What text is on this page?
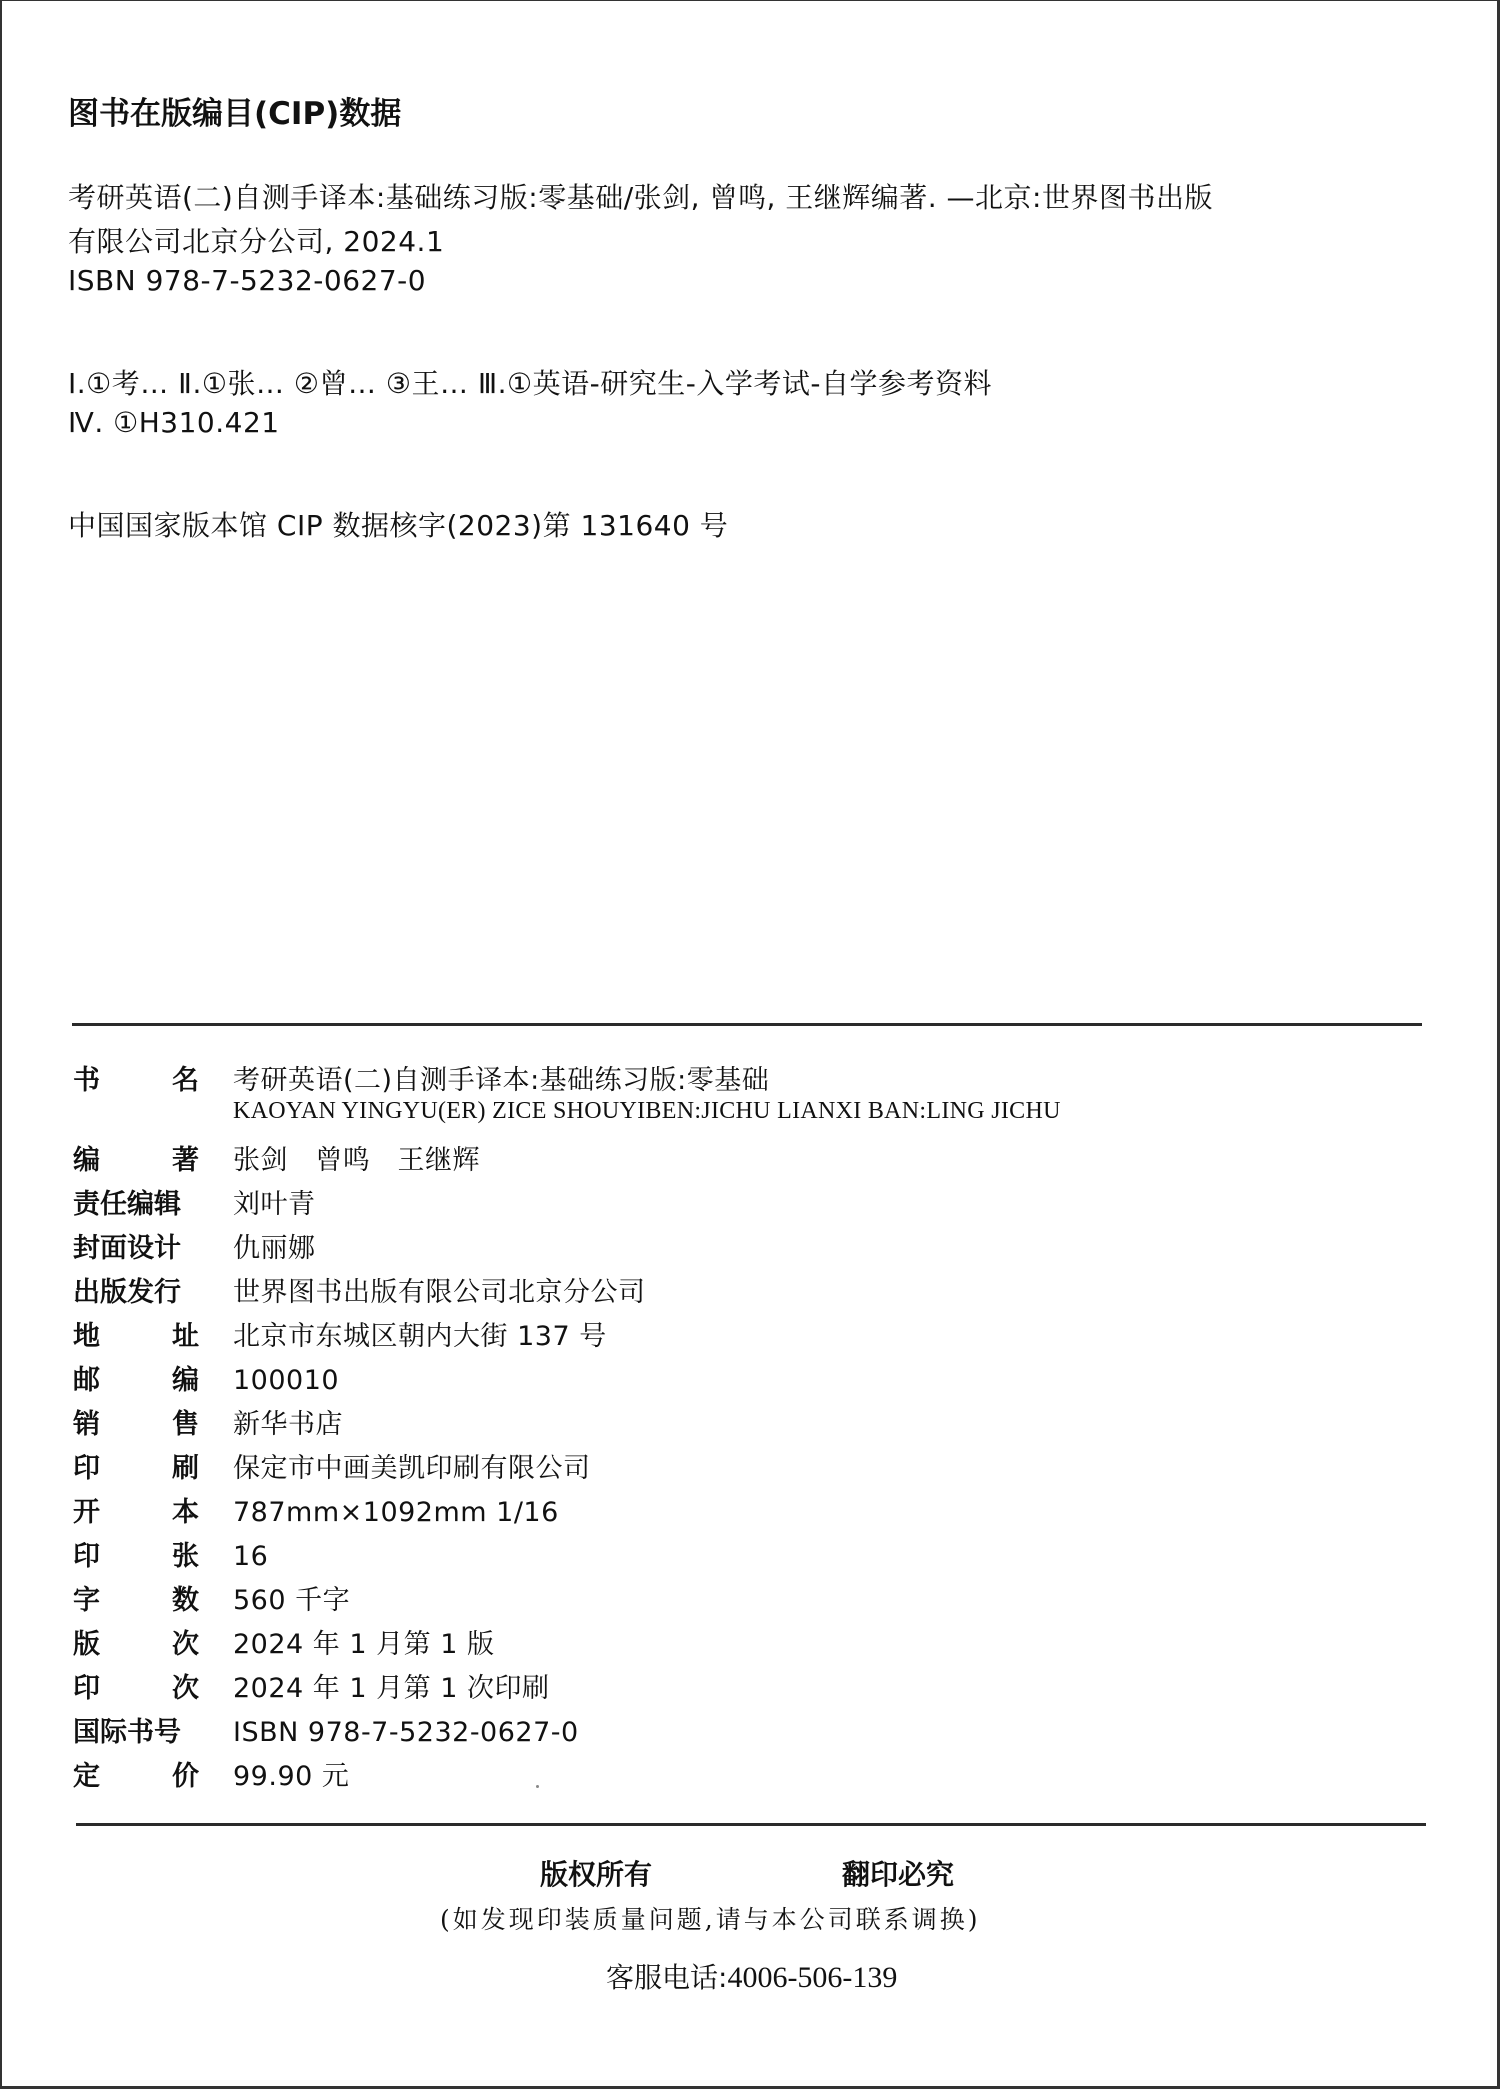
图书在版编目(CIP)数据
考研英语(二)自测手译本:基础练习版:零基础/张剑, 曾鸣, 王继辉编著. —北京:世界图书出版
有限公司北京分公司, 2024.1
ISBN 978-7-5232-0627-0
Ⅰ.①考… Ⅱ.①张… ②曾… ③王… Ⅲ.①英语-研究生-入学考试-自学参考资料
Ⅳ. ①H310.421
中国国家版本馆 CIP 数据核字(2023)第 131640 号
书	名 考研英语(二)自测手译本:基础练习版:零基础
KAOYAN YINGYU(ER) ZICE SHOUYIBEN:JICHU LIANXI BAN:LING JICHU
编	著 张剑   曾鸣   王继辉
责任编辑 刘叶青
封面设计 仇丽娜
出版发行 世界图书出版有限公司北京分公司
地	址 北京市东城区朝内大街 137 号
邮	编 100010
销	售 新华书店
印	刷 保定市中画美凯印刷有限公司
开	本 787mm×1092mm 1/16
印	张 16
字	数 560 千字
版	次 2024 年 1 月第 1 版
印	次 2024 年 1 月第 1 次印刷
国际书号 ISBN 978-7-5232-0627-0
定	价 99.90 元
版权所有	翻印必究
(如发现印装质量问题,请与本公司联系调换)
客服电话:4006-506-139
